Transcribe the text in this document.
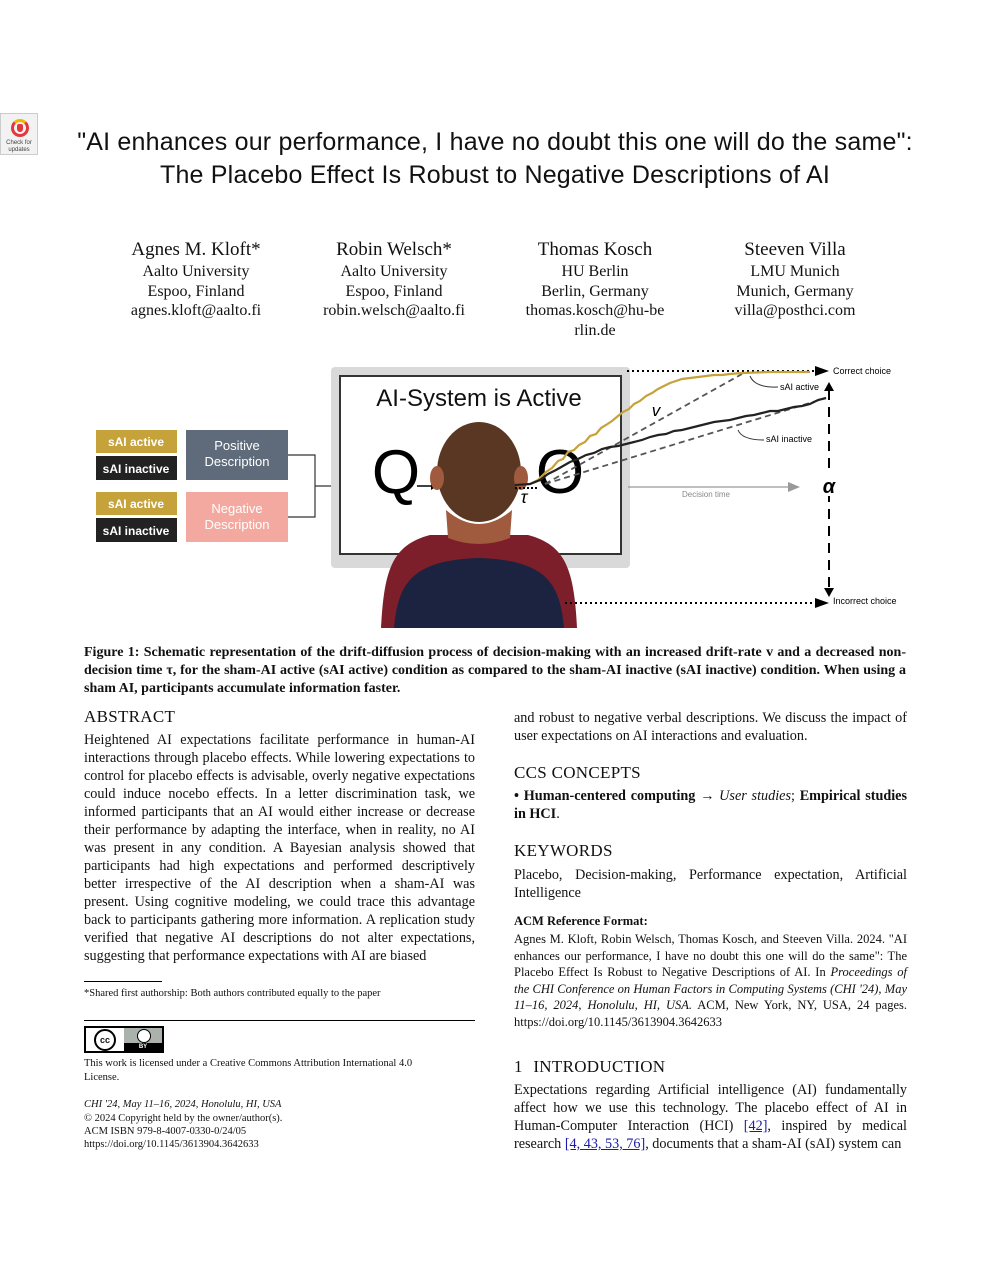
Check for updates	"AI enhances our performance, I have no doubt this one will do the same": The Placebo Effect Is Robust to Negative Descriptions of AI
Agnes M. Kloft*
Aalto University
Espoo, Finland
agnes.kloft@aalto.fi
Robin Welsch*
Aalto University
Espoo, Finland
robin.welsch@aalto.fi
Thomas Kosch
HU Berlin
Berlin, Germany
thomas.kosch@hu-berlin.de
Steeven Villa
LMU Munich
Munich, Germany
villa@posthci.com
sAI active
sAI inactive
sAI active
sAI inactive
Positive Description
Negative Description
AI-System is Active
Q O
τ	Decision time
Correct choice
Incorrect choice
α
v
sAI active
sAI inactive
Figure 1: Schematic representation of the drift-diffusion process of decision-making with an increased drift-rate v and a decreased non-decision time τ, for the sham-AI active (sAI active) condition as compared to the sham-AI inactive (sAI inactive) condition. When using a sham AI, participants accumulate information faster.
ABSTRACT
Heightened AI expectations facilitate performance in human-AI interactions through placebo effects. While lowering expectations to control for placebo effects is advisable, overly negative expectations could induce nocebo effects. In a letter discrimination task, we informed participants that an AI would either increase or decrease their performance by adapting the interface, when in reality, no AI was present in any condition. A Bayesian analysis showed that participants had high expectations and performed descriptively better irrespective of the AI description when a sham-AI was present. Using cognitive modeling, we could trace this advantage back to participants gathering more information. A replication study verified that negative AI descriptions do not alter expectations, suggesting that performance expectations with AI are biased
*Shared first authorship: Both authors contributed equally to the paper
cc
BY
This work is licensed under a Creative Commons Attribution International 4.0 License.
CHI '24, May 11–16, 2024, Honolulu, HI, USA
© 2024 Copyright held by the owner/author(s).
ACM ISBN 979-8-4007-0330-0/24/05
https://doi.org/10.1145/3613904.3642633
and robust to negative verbal descriptions. We discuss the impact of user expectations on AI interactions and evaluation.
CCS CONCEPTS
• Human-centered computing → User studies; Empirical studies in HCI.
KEYWORDS
Placebo, Decision-making, Performance expectation, Artificial Intelligence
ACM Reference Format:
Agnes M. Kloft, Robin Welsch, Thomas Kosch, and Steeven Villa. 2024. "AI enhances our performance, I have no doubt this one will do the same": The Placebo Effect Is Robust to Negative Descriptions of AI. In Proceedings of the CHI Conference on Human Factors in Computing Systems (CHI '24), May 11–16, 2024, Honolulu, HI, USA. ACM, New York, NY, USA, 24 pages. https://doi.org/10.1145/3613904.3642633
1 INTRODUCTION
Expectations regarding Artificial intelligence (AI) fundamentally affect how we use this technology. The placebo effect of AI in Human-Computer Interaction (HCI) [42], inspired by medical research [4, 43, 53, 76], documents that a sham-AI (sAI) system can
